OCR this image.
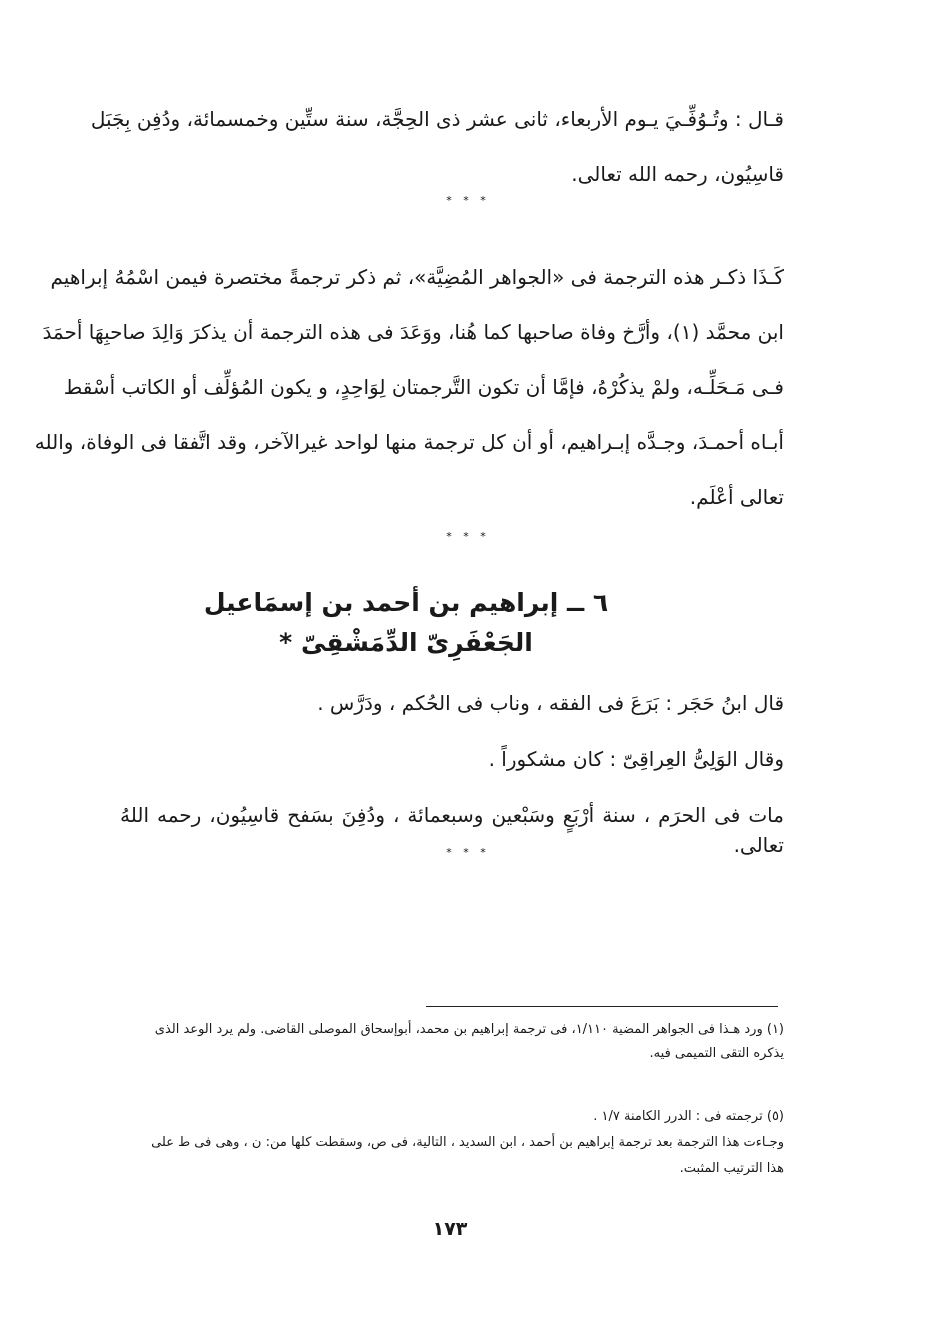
قـال : وتُـوُفِّـيَ يـوم الأربعاء، ثانى عشر ذى الحِجَّة، سنة ستِّين وخمسمائة، ودُفِن بِجَبَل
قاسِيُون، رحمه الله تعالى.

* * *

كَـذَا ذكـر هذه الترجمة فى «الجواهر المُضِيَّة»، ثم ذكر ترجمةً مختصرة فيمن اسْمُهُ إبراهيم
ابن محمَّد (١)، وأرَّخ وفاة صاحبها كما هُنا، ووَعَدَ فى هذه الترجمة أن يذكرَ وَالِدَ صاحبِهَا أحمَدَ
فـى مَـحَلِّـه، ولمْ يذكُرْهُ، فإمَّا أن تكون التَّرجمتان لِوَاحِدٍ، و يكون المُؤلِّف أو الكاتب أسْقط
أبـاه أحمـدَ، وجـدَّه إبـراهيم، أو أن كل ترجمة منها لواحد غيرالآخر، وقد اتَّفقا فى الوفاة، والله
تعالى أعْلَم.

* * *
٦ ــ إبراهيم بن أحمد بن إسمَاعيل
الجَعْفَرِىّ الدِّمَشْقِىّ *

قال ابنُ حَجَر : بَرَعَ فى الفقه ، وناب فى الحُكم ، ودَرَّس .

وقال الوَلِىُّ العِراقِىّ : كان مشكوراً .

مات فى الحرَم ، سنة أرْبَعٍ وسَبْعين وسبعمائة ، ودُفِنَ بسَفح قاسِيُون، رحمه اللهُ تعالى.

* * *

(١) ورد هـذا فى الجواهر المضية ١/١١٠، فى ترجمة إبراهيم بن محمد، أبوإسحاق الموصلى القاضى. ولم يرد الوعد الذى
يذكره التقى التميمى فيه.

(٥) ترجمته فى : الدرر الكامنة ١/٧ .
وجـاءت هذا الترجمة بعد ترجمة إبراهيم بن أحمد ، ابن السديد ، التالية، فى ص، وسقطت كلها من: ن ، وهى فى ط على
هذا الترتيب المثبت.

١٧٣
